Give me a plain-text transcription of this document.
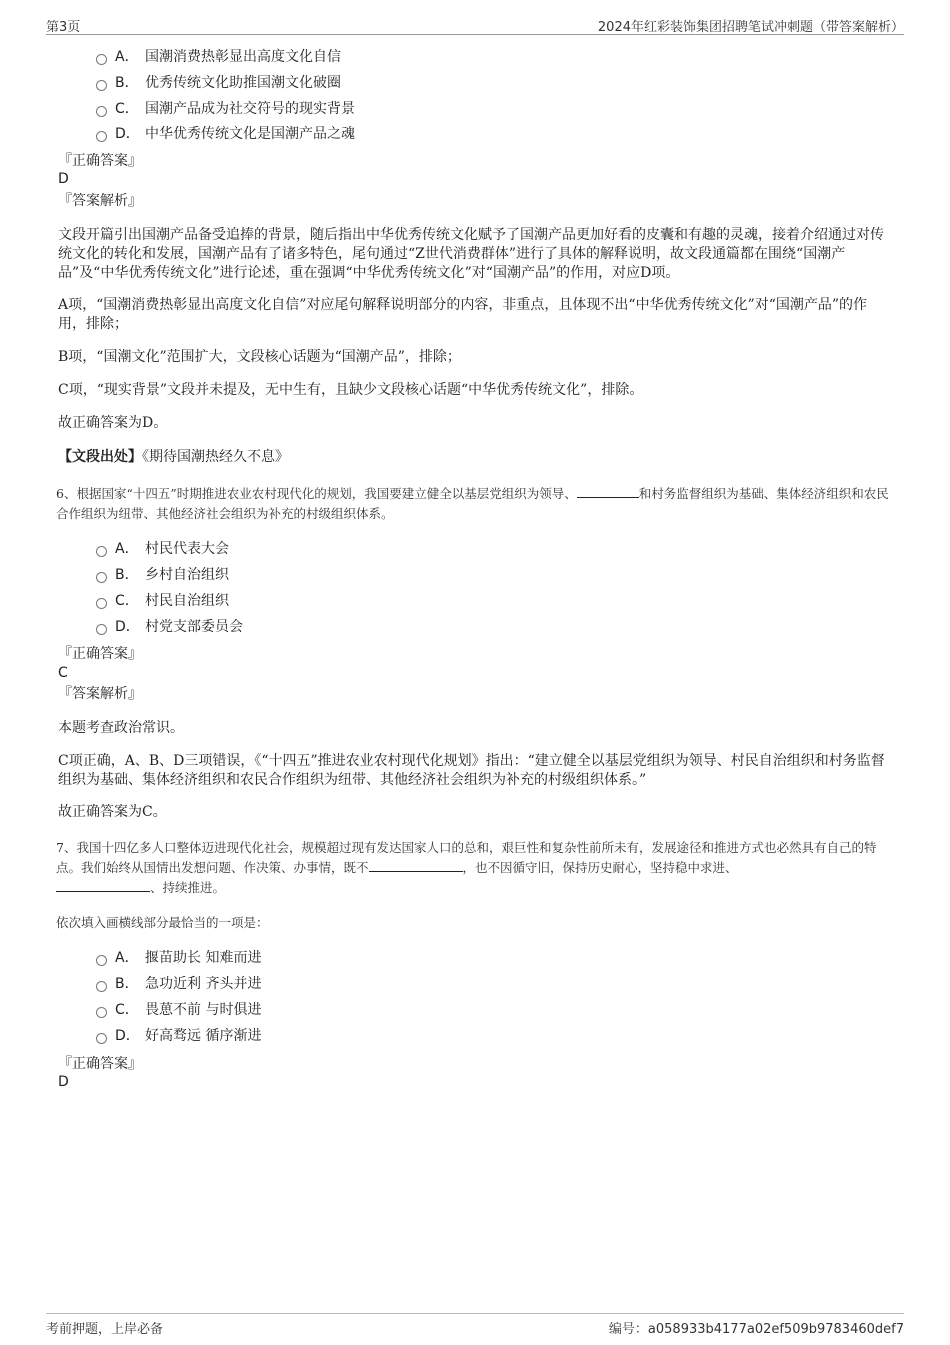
第3页	2024年红彩装饰集团招聘笔试冲刺题（带答案解析）
A． 国潮消费热彰显出高度文化自信
B． 优秀传统文化助推国潮文化破圈
C． 国潮产品成为社交符号的现实背景
D． 中华优秀传统文化是国潮产品之魂
『正确答案』
D
『答案解析』
文段开篇引出国潮产品备受追捧的背景，随后指出中华优秀传统文化赋予了国潮产品更加好看的皮囊和有趣的灵魂，接着介绍通过对传统文化的转化和发展，国潮产品有了诸多特色，尾句通过“Z世代消费群体”进行了具体的解释说明，故文段通篇都在围绕“国潮产品”及“中华优秀传统文化”进行论述，重在强调“中华优秀传统文化”对“国潮产品”的作用，对应D项。
A项，“国潮消费热彰显出高度文化自信”对应尾句解释说明部分的内容，非重点，且体现不出“中华优秀传统文化”对“国潮产品”的作用，排除；
B项，“国潮文化”范围扩大，文段核心话题为“国潮产品”，排除；
C项，“现实背景”文段并未提及，无中生有，且缺少文段核心话题“中华优秀传统文化”，排除。
故正确答案为D。
【文段出处】《期待国潮热经久不息》
6、根据国家“十四五”时期推进农业农村现代化的规划，我国要建立健全以基层党组织为领导、	和村务监督组织为基础、集体经济组织和农民合作组织为纽带、其他经济社会组织为补充的村级组织体系。
A． 村民代表大会
B． 乡村自治组织
C． 村民自治组织
D． 村党支部委员会
『正确答案』
C
『答案解析』
本题考查政治常识。
C项正确，A、B、D三项错误，《“十四五”推进农业农村现代化规划》指出：“建立健全以基层党组织为领导、村民自治组织和村务监督组织为基础、集体经济组织和农民合作组织为纽带、其他经济社会组织为补充的村级组织体系。”
故正确答案为C。
7、我国十四亿多人口整体迈进现代化社会，规模超过现有发达国家人口的总和，艰巨性和复杂性前所未有，发展途径和推进方式也必然具有自己的特点。我们始终从国情出发想问题、作决策、办事情，既不	，也不因循守旧，保持历史耐心，坚持稳中求进、
、持续推进。
依次填入画横线部分最恰当的一项是：
A． 揠苗助长 知难而进
B． 急功近利 齐头并进
C． 畏葸不前 与时俱进
D． 好高骛远 循序渐进
『正确答案』
D
考前押题，上岸必备	编号：a058933b4177a02ef509b9783460def7
